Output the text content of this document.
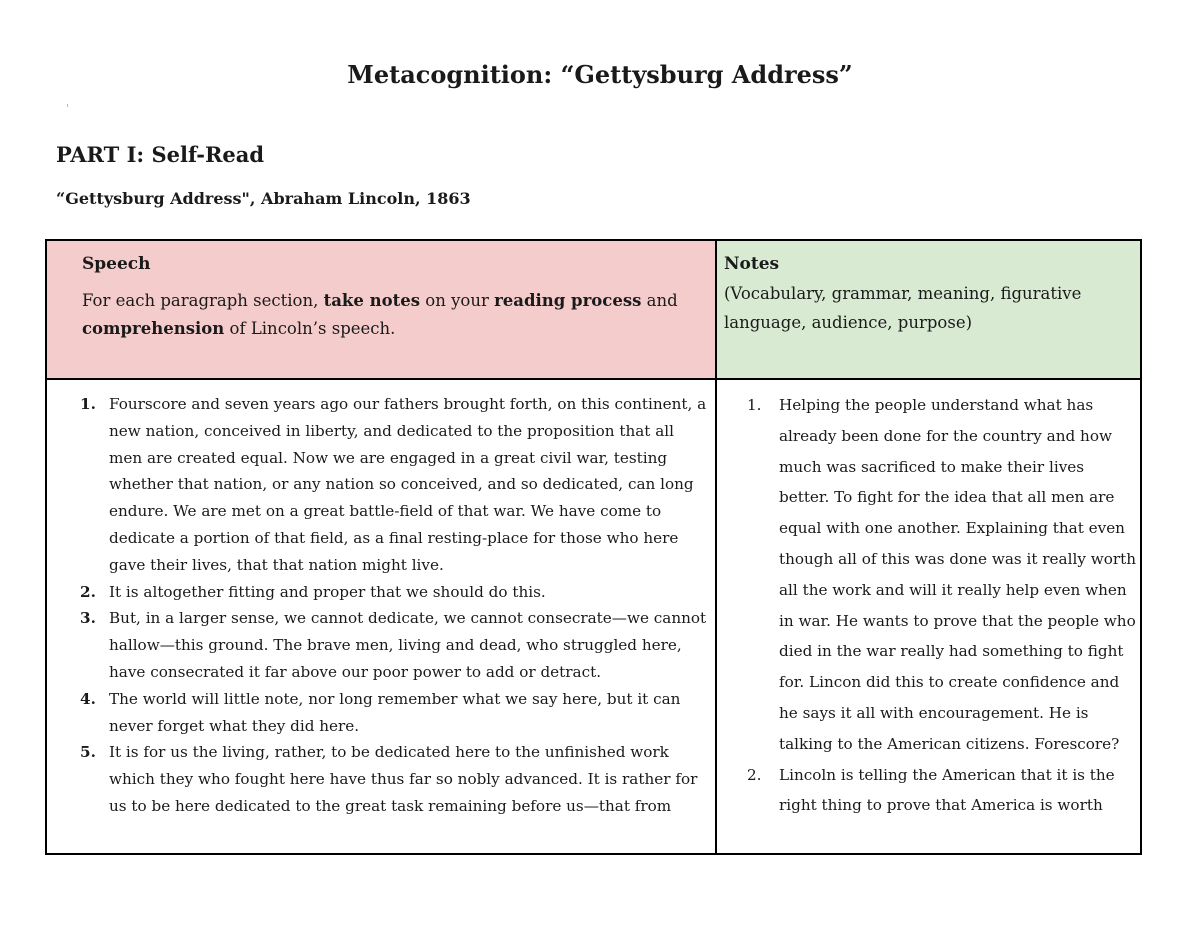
Metacognition: “Gettysburg Address”
PART I: Self-Read
“Gettysburg Address", Abraham Lincoln, 1863
Speech
For each paragraph section, take notes on your reading process and comprehension of Lincoln’s speech.
Notes
(Vocabulary, grammar, meaning, figurative language, audience, purpose)
1. Fourscore and seven years ago our fathers brought forth, on this continent, a new nation, conceived in liberty, and dedicated to the proposition that all men are created equal. Now we are engaged in a great civil war, testing whether that nation, or any nation so conceived, and so dedicated, can long endure. We are met on a great battle-field of that war. We have come to dedicate a portion of that field, as a final resting-place for those who here gave their lives, that that nation might live.
2. It is altogether fitting and proper that we should do this.
3. But, in a larger sense, we cannot dedicate, we cannot consecrate—we cannot hallow—this ground. The brave men, living and dead, who struggled here, have consecrated it far above our poor power to add or detract.
4. The world will little note, nor long remember what we say here, but it can never forget what they did here.
5. It is for us the living, rather, to be dedicated here to the unfinished work which they who fought here have thus far so nobly advanced. It is rather for us to be here dedicated to the great task remaining before us—that from
1. Helping the people understand what has already been done for the country and how much was sacrificed to make their lives better. To fight for the idea that all men are equal with one another. Explaining that even though all of this was done was it really worth all the work and will it really help even when in war. He wants to prove that the people who died in the war really had something to fight for. Lincon did this to create confidence and he says it all with encouragement. He is talking to the American citizens. Forescore?
2. Lincoln is telling the American that it is the right thing to prove that America is worth
